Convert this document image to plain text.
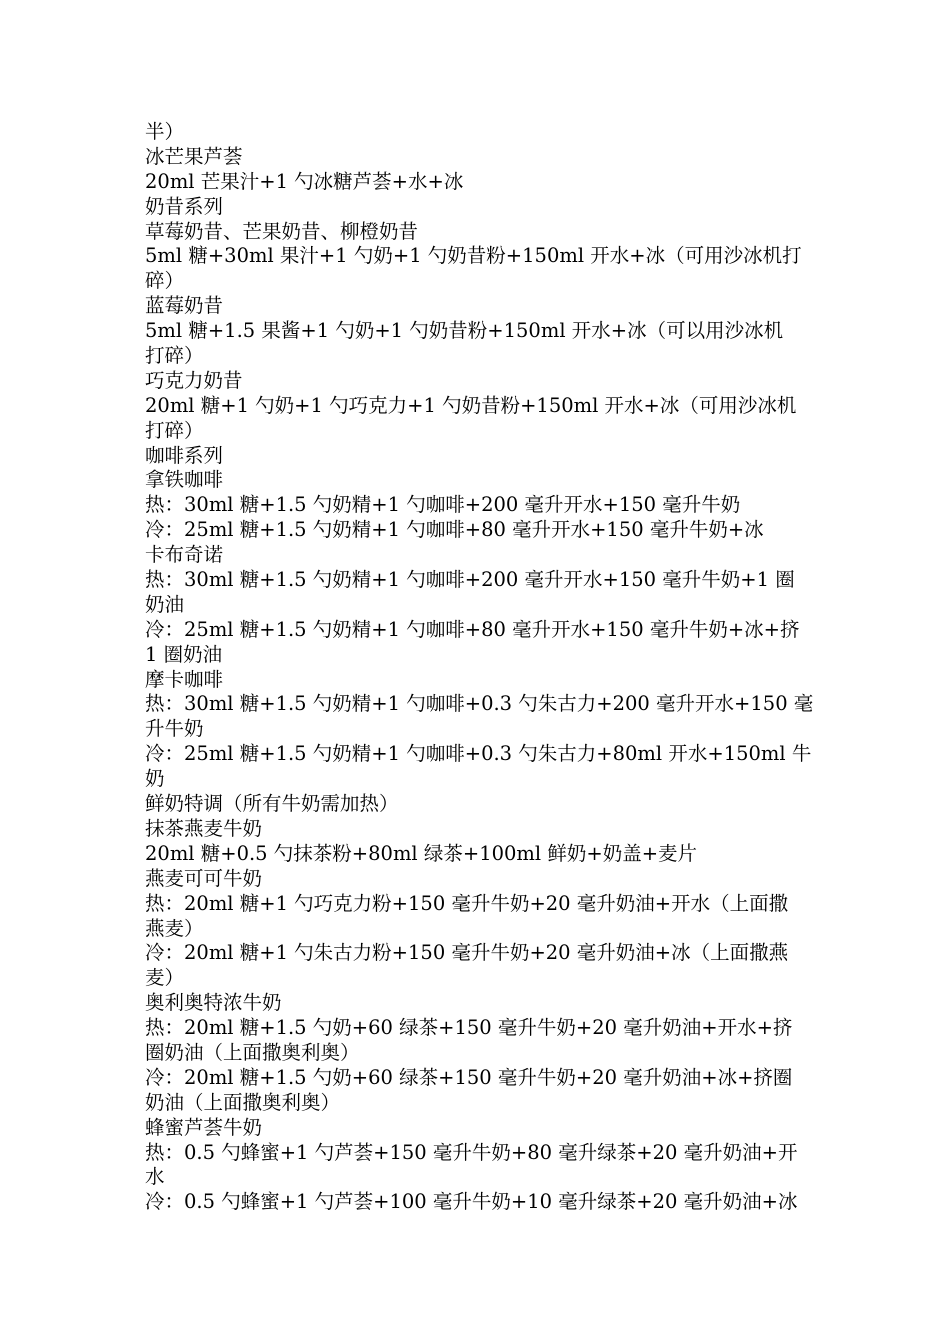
半）
冰芒果芦荟
20ml 芒果汁+1 勺冰糖芦荟+水+冰
奶昔系列
草莓奶昔、芒果奶昔、柳橙奶昔
5ml 糖+30ml 果汁+1 勺奶+1 勺奶昔粉+150ml 开水+冰（可用沙冰机打
碎）
蓝莓奶昔
5ml 糖+1.5 果酱+1 勺奶+1 勺奶昔粉+150ml 开水+冰（可以用沙冰机
打碎）
巧克力奶昔
20ml 糖+1 勺奶+1 勺巧克力+1 勺奶昔粉+150ml 开水+冰（可用沙冰机
打碎）
咖啡系列
拿铁咖啡
热：30ml 糖+1.5 勺奶精+1 勺咖啡+200 毫升开水+150 毫升牛奶
冷：25ml 糖+1.5 勺奶精+1 勺咖啡+80 毫升开水+150 毫升牛奶+冰
卡布奇诺
热：30ml 糖+1.5 勺奶精+1 勺咖啡+200 毫升开水+150 毫升牛奶+1 圈
奶油
冷：25ml 糖+1.5 勺奶精+1 勺咖啡+80 毫升开水+150 毫升牛奶+冰+挤
1 圈奶油
摩卡咖啡
热：30ml 糖+1.5 勺奶精+1 勺咖啡+0.3 勺朱古力+200 毫升开水+150 毫
升牛奶
冷：25ml 糖+1.5 勺奶精+1 勺咖啡+0.3 勺朱古力+80ml 开水+150ml 牛
奶
鲜奶特调（所有牛奶需加热）
抹茶燕麦牛奶
20ml 糖+0.5 勺抹茶粉+80ml 绿茶+100ml 鲜奶+奶盖+麦片
燕麦可可牛奶
热：20ml 糖+1 勺巧克力粉+150 毫升牛奶+20 毫升奶油+开水（上面撒
燕麦）
冷：20ml 糖+1 勺朱古力粉+150 毫升牛奶+20 毫升奶油+冰（上面撒燕
麦）
奥利奥特浓牛奶
热：20ml 糖+1.5 勺奶+60 绿茶+150 毫升牛奶+20 毫升奶油+开水+挤
圈奶油（上面撒奥利奥）
冷：20ml 糖+1.5 勺奶+60 绿茶+150 毫升牛奶+20 毫升奶油+冰+挤圈
奶油（上面撒奥利奥）
蜂蜜芦荟牛奶
热：0.5 勺蜂蜜+1 勺芦荟+150 毫升牛奶+80 毫升绿茶+20 毫升奶油+开
水
冷：0.5 勺蜂蜜+1 勺芦荟+100 毫升牛奶+10 毫升绿茶+20 毫升奶油+冰
